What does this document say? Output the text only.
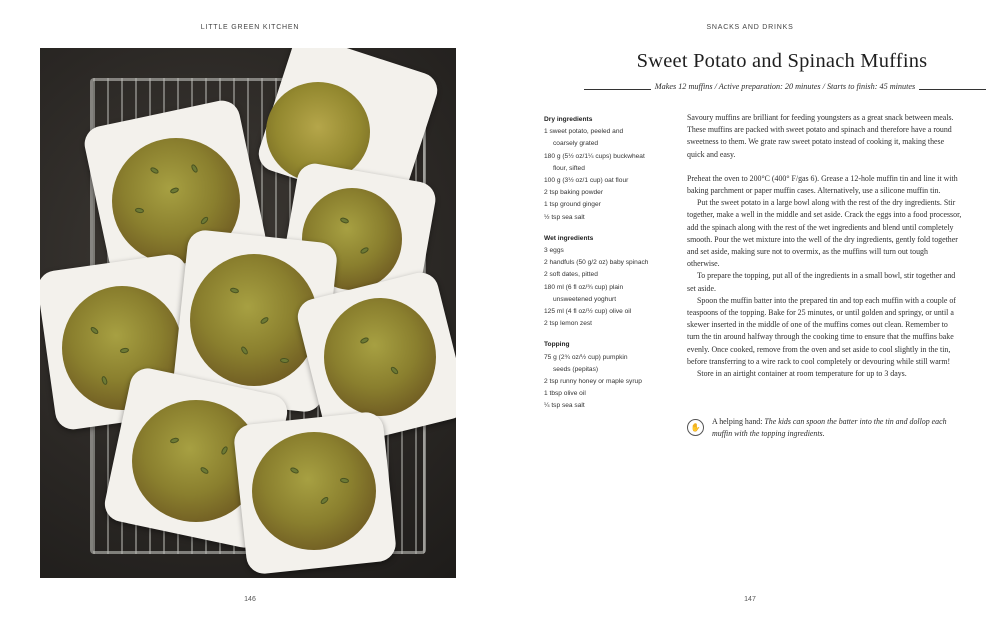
LITTLE GREEN KITCHEN
146
SNACKS AND DRINKS
Sweet Potato and Spinach Muffins
Makes 12 muffins / Active preparation: 20 minutes / Starts to finish: 45 minutes
Dry ingredients
1 sweet potato, peeled and
coarsely grated
180 g (5½ oz/1¼ cups) buckwheat
flour, sifted
100 g (3½ oz/1 cup) oat flour
2 tsp baking powder
1 tsp ground ginger
½ tsp sea salt
Wet ingredients
3 eggs
2 handfuls (50 g/2 oz) baby spinach
2 soft dates, pitted
180 ml (6 fl oz/¾ cup) plain
unsweetened yoghurt
125 ml (4 fl oz/½ cup) olive oil
2 tsp lemon zest
Topping
75 g (2¾ oz/½ cup) pumpkin
seeds (pepitas)
2 tsp runny honey or maple syrup
1 tbsp olive oil
¼ tsp sea salt

Savoury muffins are brilliant for feeding youngsters as a great snack between meals. These muffins are packed with sweet potato and spinach and therefore have a round sweetness to them. We grate raw sweet potato instead of cooking it, making these quick and easy.

Preheat the oven to 200°C (400° F/gas 6). Grease a 12-hole muffin tin and line it with baking parchment or paper muffin cases. Alternatively, use a silicone muffin tin.

Put the sweet potato in a large bowl along with the rest of the dry ingredients. Stir together, make a well in the middle and set aside. Crack the eggs into a food processor, add the spinach along with the rest of the wet ingredients and blend until completely smooth. Pour the wet mixture into the well of the dry ingredients, gently fold together and set aside, making sure not to overmix, as the muffins will turn out tough otherwise.

To prepare the topping, put all of the ingredients in a small bowl, stir together and set aside.

Spoon the muffin batter into the prepared tin and top each muffin with a couple of teaspoons of the topping. Bake for 25 minutes, or until golden and springy, or until a skewer inserted in the middle of one of the muffins comes out clean. Remember to turn the tin around halfway through the cooking time to ensure that the muffins bake evenly. Once cooked, remove from the oven and set aside to cool slightly in the tin, before transferring to a wire rack to cool completely or devouring while still warm!

Store in an airtight container at room temperature for up to 3 days.

✋
A helping hand: The kids can spoon the batter into the tin and dollop each muffin with the topping ingredients.
147
